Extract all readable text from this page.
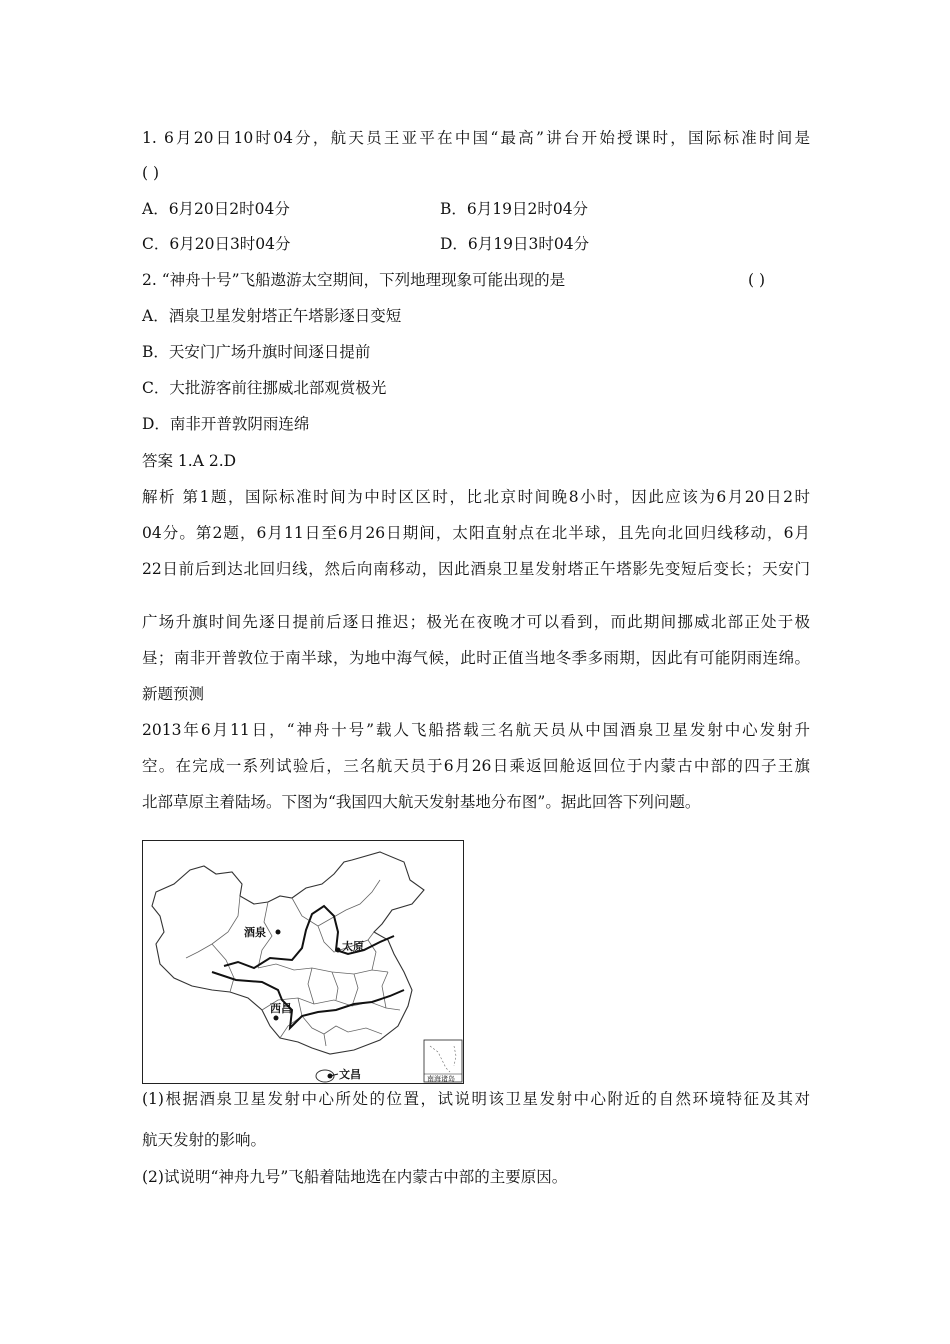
1. 6月20日10时04分，航天员王亚平在中国“最高”讲台开始授课时，国际标准时间是
( )
A．6月20日2时04分	B．6月19日2时04分
C．6月20日3时04分	D．6月19日3时04分
2. “神舟十号”飞船遨游太空期间，下列地理现象可能出现的是	( )
A．酒泉卫星发射塔正午塔影逐日变短
B．天安门广场升旗时间逐日提前
C．大批游客前往挪威北部观赏极光
D．南非开普敦阴雨连绵
答案 1.A 2.D
解析 第1题，国际标准时间为中时区区时，比北京时间晚8小时，因此应该为6月20日2时
04分。第2题，6月11日至6月26日期间，太阳直射点在北半球，且先向北回归线移动，6月
22日前后到达北回归线，然后向南移动，因此酒泉卫星发射塔正午塔影先变短后变长；天安门
广场升旗时间先逐日提前后逐日推迟；极光在夜晚才可以看到，而此期间挪威北部正处于极
昼；南非开普敦位于南半球，为地中海气候，此时正值当地冬季多雨期，因此有可能阴雨连绵。
新题预测
2013年6月11日，“神舟十号”载人飞船搭载三名航天员从中国酒泉卫星发射中心发射升
空。在完成一系列试验后，三名航天员于6月26日乘返回舱返回位于内蒙古中部的四子王旗
北部草原主着陆场。下图为“我国四大航天发射基地分布图”。据此回答下列问题。
酒泉
太原
西昌
文昌	南海诸岛
(1)根据酒泉卫星发射中心所处的位置，试说明该卫星发射中心附近的自然环境特征及其对
航天发射的影响。
(2)试说明“神舟九号”飞船着陆地选在内蒙古中部的主要原因。
